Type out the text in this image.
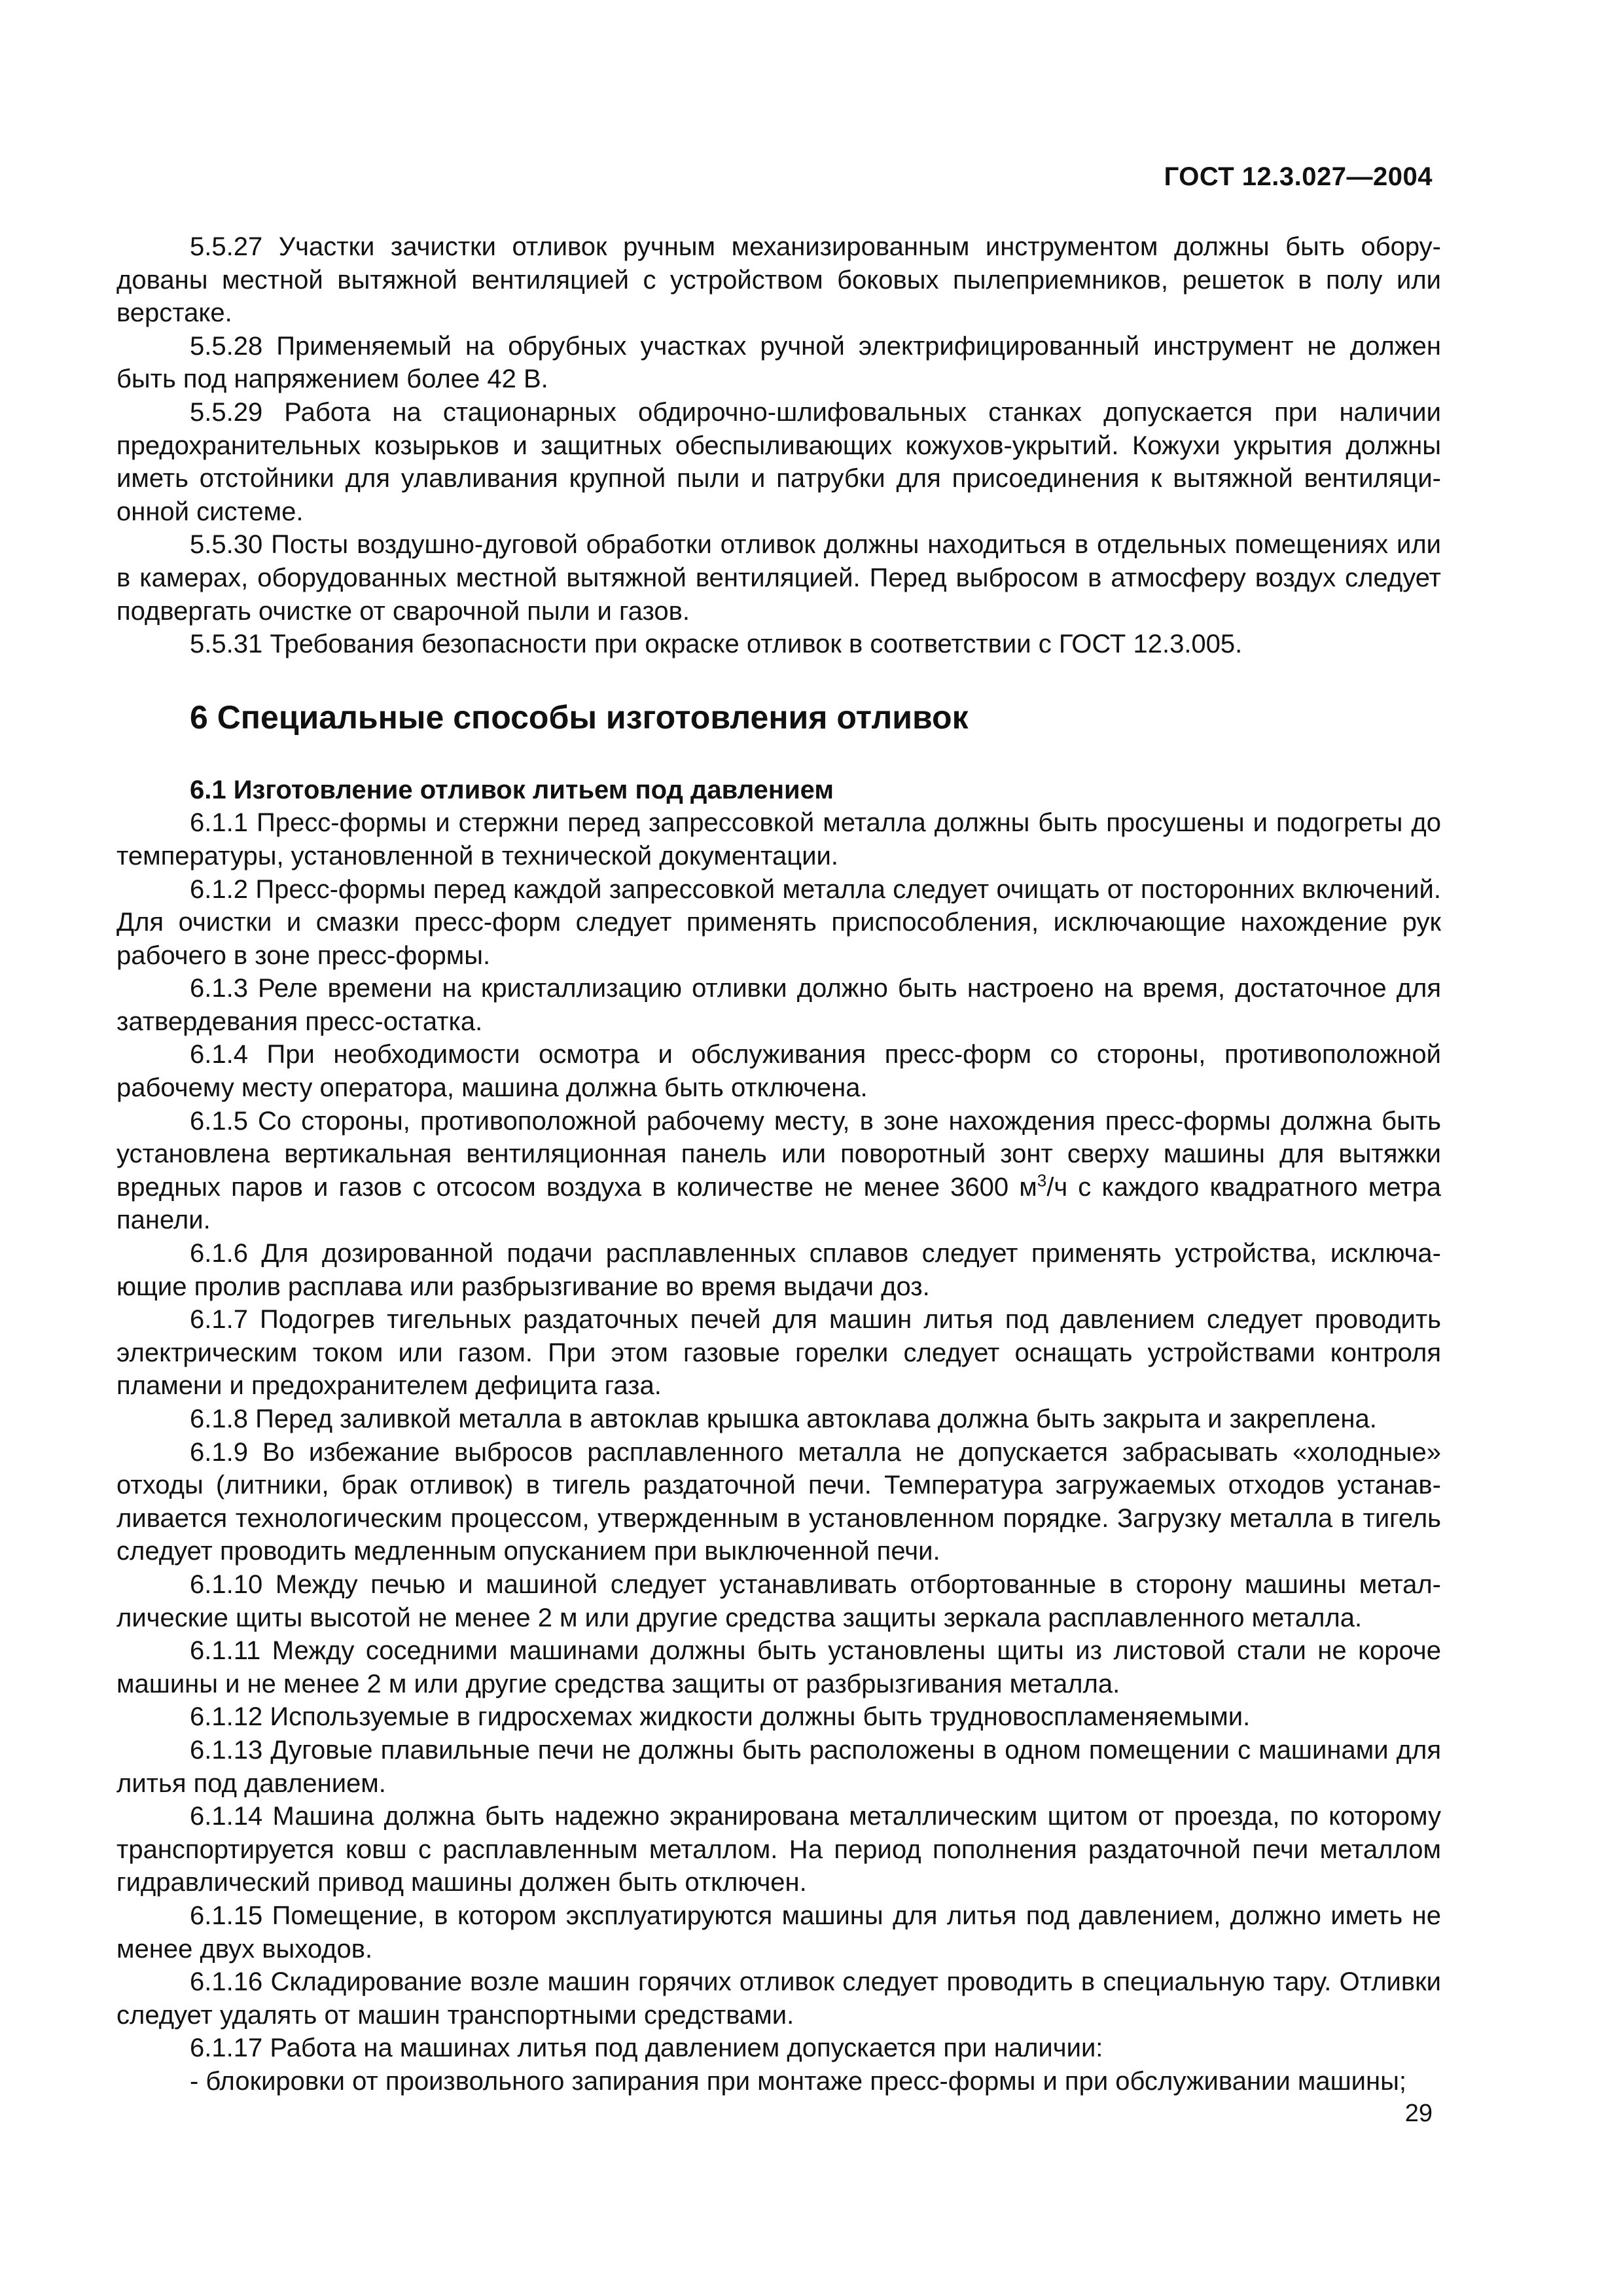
ГОСТ 12.3.027—2004

5.5.27 Участки зачистки отливок ручным механизированным инструментом должны быть оборудованы местной вытяжной вентиляцией с устройством боковых пылеприемников, решеток в полу или верстаке.

5.5.28 Применяемый на обрубных участках ручной электрифицированный инструмент не должен быть под напряжением более 42 В.

5.5.29 Работа на стационарных обдирочно-шлифовальных станках допускается при наличии предохранительных козырьков и защитных обеспыливающих кожухов-укрытий. Кожухи укрытия должны иметь отстойники для улавливания крупной пыли и патрубки для присоединения к вытяжной вентиляционной системе.

5.5.30 Посты воздушно-дуговой обработки отливок должны находиться в отдельных помещениях или в камерах, оборудованных местной вытяжной вентиляцией. Перед выбросом в атмосферу воздух следует подвергать очистке от сварочной пыли и газов.

5.5.31 Требования безопасности при окраске отливок в соответствии с ГОСТ 12.3.005.

6 Специальные способы изготовления отливок
6.1 Изготовление отливок литьем под давлением

6.1.1 Пресс-формы и стержни перед запрессовкой металла должны быть просушены и подогреты до температуры, установленной в технической документации.

6.1.2 Пресс-формы перед каждой запрессовкой металла следует очищать от посторонних включений. Для очистки и смазки пресс-форм следует применять приспособления, исключающие нахождение рук рабочего в зоне пресс-формы.

6.1.3 Реле времени на кристаллизацию отливки должно быть настроено на время, достаточное для затвердевания пресс-остатка.

6.1.4 При необходимости осмотра и обслуживания пресс-форм со стороны, противоположной рабочему месту оператора, машина должна быть отключена.

6.1.5 Со стороны, противоположной рабочему месту, в зоне нахождения пресс-формы должна быть установлена вертикальная вентиляционная панель или поворотный зонт сверху машины для вытяжки вредных паров и газов с отсосом воздуха в количестве не менее 3600 $м^3/ч$ с каждого квадратного метра панели.

6.1.6 Для дозированной подачи расплавленных сплавов следует применять устройства, исключающие пролив расплава или разбрызгивание во время выдачи доз.

6.1.7 Подогрев тигельных раздаточных печей для машин литья под давлением следует проводить электрическим током или газом. При этом газовые горелки следует оснащать устройствами контроля пламени и предохранителем дефицита газа.

6.1.8 Перед заливкой металла в автоклав крышка автоклава должна быть закрыта и закреплена.

6.1.9 Во избежание выбросов расплавленного металла не допускается забрасывать «холодные» отходы (литники, брак отливок) в тигель раздаточной печи. Температура загружаемых отходов устанавливается технологическим процессом, утвержденным в установленном порядке. Загрузку металла в тигель следует проводить медленным опусканием при выключенной печи.

6.1.10 Между печью и машиной следует устанавливать отбортованные в сторону машины металлические щиты высотой не менее 2 м или другие средства защиты зеркала расплавленного металла.

6.1.11 Между соседними машинами должны быть установлены щиты из листовой стали не короче машины и не менее 2 м или другие средства защиты от разбрызгивания металла.

6.1.12 Используемые в гидросхемах жидкости должны быть трудновоспламеняемыми.

6.1.13 Дуговые плавильные печи не должны быть расположены в одном помещении с машинами для литья под давлением.

6.1.14 Машина должна быть надежно экранирована металлическим щитом от проезда, по которому транспортируется ковш с расплавленным металлом. На период пополнения раздаточной печи металлом гидравлический привод машины должен быть отключен.

6.1.15 Помещение, в котором эксплуатируются машины для литья под давлением, должно иметь не менее двух выходов.

6.1.16 Складирование возле машин горячих отливок следует проводить в специальную тару. Отливки следует удалять от машин транспортными средствами.

6.1.17 Работа на машинах литья под давлением допускается при наличии:

- блокировки от произвольного запирания при монтаже пресс-формы и при обслуживании машины;

29
